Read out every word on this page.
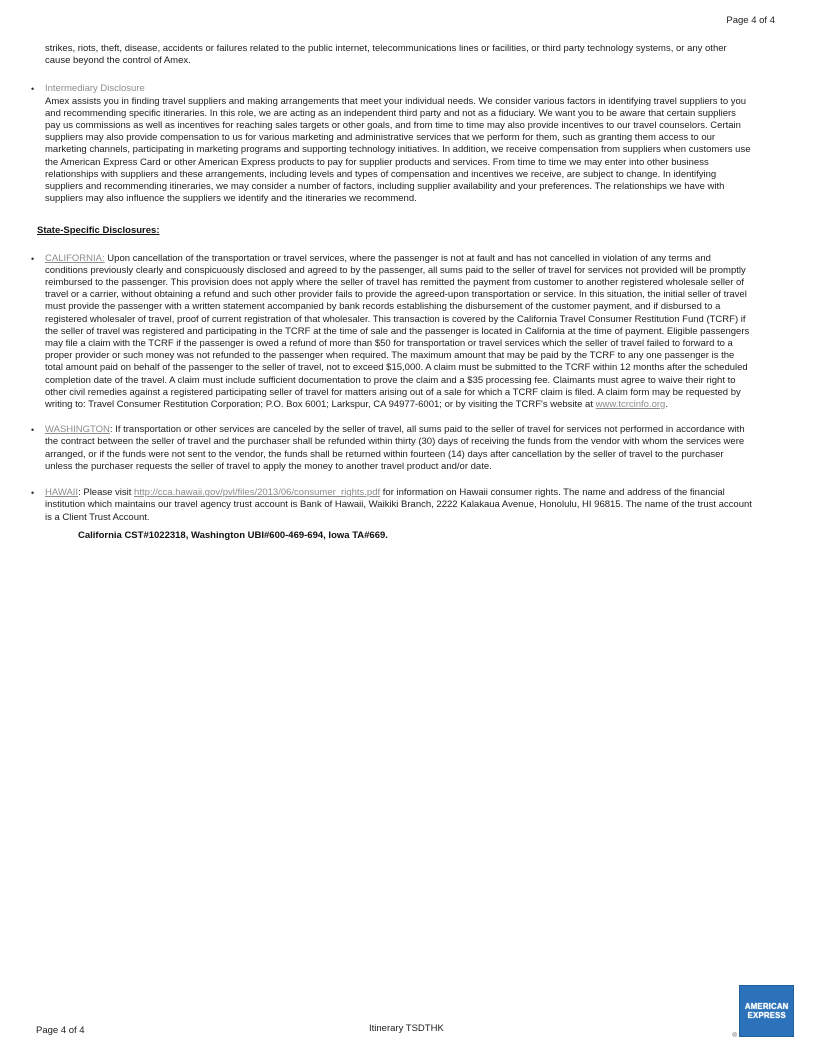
Page 4 of 4

strikes, riots, theft, disease, accidents or failures related to the public internet, telecommunications lines or facilities, or third party technology systems, or any other cause beyond the control of Amex.

• Intermediary Disclosure
Amex assists you in finding travel suppliers and making arrangements that meet your individual needs. We consider various factors in identifying travel suppliers to you and recommending specific itineraries. In this role, we are acting as an independent third party and not as a fiduciary. We want you to be aware that certain suppliers pay us commissions as well as incentives for reaching sales targets or other goals, and from time to time may also provide incentives to our travel counselors. Certain suppliers may also provide compensation to us for various marketing and administrative services that we perform for them, such as granting them access to our marketing channels, participating in marketing programs and supporting technology initiatives. In addition, we receive compensation from suppliers when customers use the American Express Card or other American Express products to pay for supplier products and services. From time to time we may enter into other business relationships with suppliers and these arrangements, including levels and types of compensation and incentives we receive, are subject to change. In identifying suppliers and recommending itineraries, we may consider a number of factors, including supplier availability and your preferences. The relationships we have with suppliers may also influence the suppliers we identify and the itineraries we recommend.
State-Specific Disclosures:
• CALIFORNIA: Upon cancellation of the transportation or travel services, where the passenger is not at fault and has not cancelled in violation of any terms and conditions previously clearly and conspicuously disclosed and agreed to by the passenger, all sums paid to the seller of travel for services not provided will be promptly reimbursed to the passenger. This provision does not apply where the seller of travel has remitted the payment from customer to another registered wholesale seller of travel or a carrier, without obtaining a refund and such other provider fails to provide the agreed-upon transportation or service. In this situation, the initial seller of travel must provide the passenger with a written statement accompanied by bank records establishing the disbursement of the customer payment, and if disbursed to a registered wholesaler of travel, proof of current registration of that wholesaler. This transaction is covered by the California Travel Consumer Restitution Fund (TCRF) if the seller of travel was registered and participating in the TCRF at the time of sale and the passenger is located in California at the time of payment. Eligible passengers may file a claim with the TCRF if the passenger is owed a refund of more than $50 for transportation or travel services which the seller of travel failed to forward to a proper provider or such money was not refunded to the passenger when required. The maximum amount that may be paid by the TCRF to any one passenger is the total amount paid on behalf of the passenger to the seller of travel, not to exceed $15,000. A claim must be submitted to the TCRF within 12 months after the scheduled completion date of the travel. A claim must include sufficient documentation to prove the claim and a $35 processing fee. Claimants must agree to waive their right to other civil remedies against a registered participating seller of travel for matters arising out of a sale for which a TCRF claim is filed. A claim form may be requested by writing to: Travel Consumer Restitution Corporation; P.O. Box 6001; Larkspur, CA 94977-6001; or by visiting the TCRF's website at www.tcrcinfo.org.
• WASHINGTON: If transportation or other services are canceled by the seller of travel, all sums paid to the seller of travel for services not performed in accordance with the contract between the seller of travel and the purchaser shall be refunded within thirty (30) days of receiving the funds from the vendor with whom the services were arranged, or if the funds were not sent to the vendor, the funds shall be returned within fourteen (14) days after cancellation by the seller of travel to the purchaser unless the purchaser requests the seller of travel to apply the money to another travel product and/or date.
• HAWAII: Please visit http://cca.hawaii.gov/pvl/files/2013/06/consumer_rights.pdf for information on Hawaii consumer rights. The name and address of the financial institution which maintains our travel agency trust account is Bank of Hawaii, Waikiki Branch, 2222 Kalakaua Avenue, Honolulu, HI 96815. The name of the trust account is a Client Trust Account.
California CST#1022318, Washington UBI#600-469-694, Iowa TA#669.
Page 4 of 4	Itinerary TSDTHK
®
AMERICAN
EXPRESS
